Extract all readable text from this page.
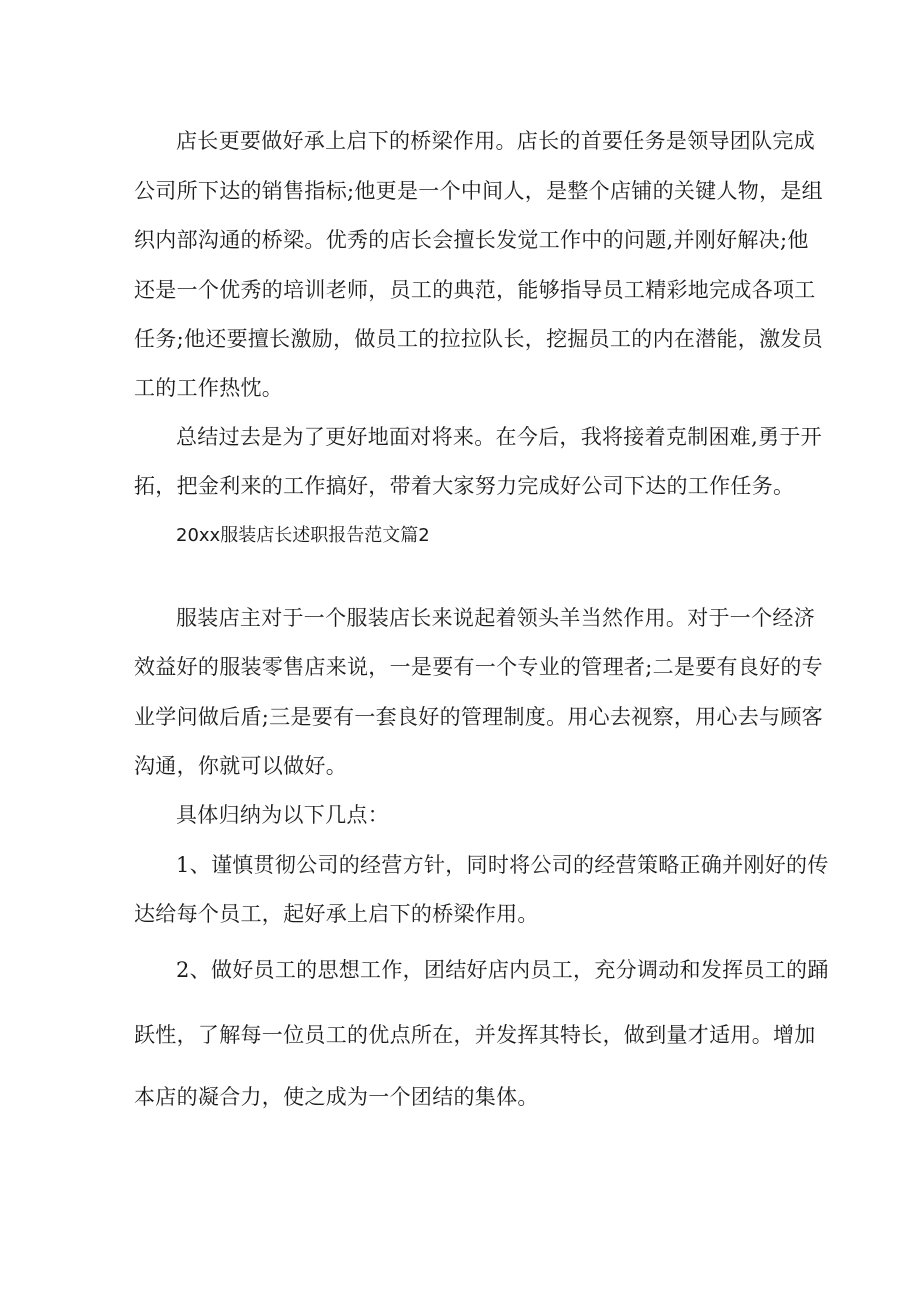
店长更要做好承上启下的桥梁作用。店长的首要任务是领导团队完成
公司所下达的销售指标;他更是一个中间人，是整个店铺的关键人物，是组
织内部沟通的桥梁。优秀的店长会擅长发觉工作中的问题,并刚好解决;他
还是一个优秀的培训老师，员工的典范，能够指导员工精彩地完成各项工
任务;他还要擅长激励，做员工的拉拉队长，挖掘员工的内在潜能，激发员
工的工作热忱。
总结过去是为了更好地面对将来。在今后，我将接着克制困难,勇于开
拓，把金利来的工作搞好，带着大家努力完成好公司下达的工作任务。
20xx服装店长述职报告范文篇2
服装店主对于一个服装店长来说起着领头羊当然作用。对于一个经济
效益好的服装零售店来说，一是要有一个专业的管理者;二是要有良好的专
业学问做后盾;三是要有一套良好的管理制度。用心去视察，用心去与顾客
沟通，你就可以做好。
具体归纳为以下几点：
1、谨慎贯彻公司的经营方针，同时将公司的经营策略正确并刚好的传
达给每个员工，起好承上启下的桥梁作用。
2、做好员工的思想工作，团结好店内员工，充分调动和发挥员工的踊
跃性，了解每一位员工的优点所在，并发挥其特长，做到量才适用。增加
本店的凝合力，使之成为一个团结的集体。
